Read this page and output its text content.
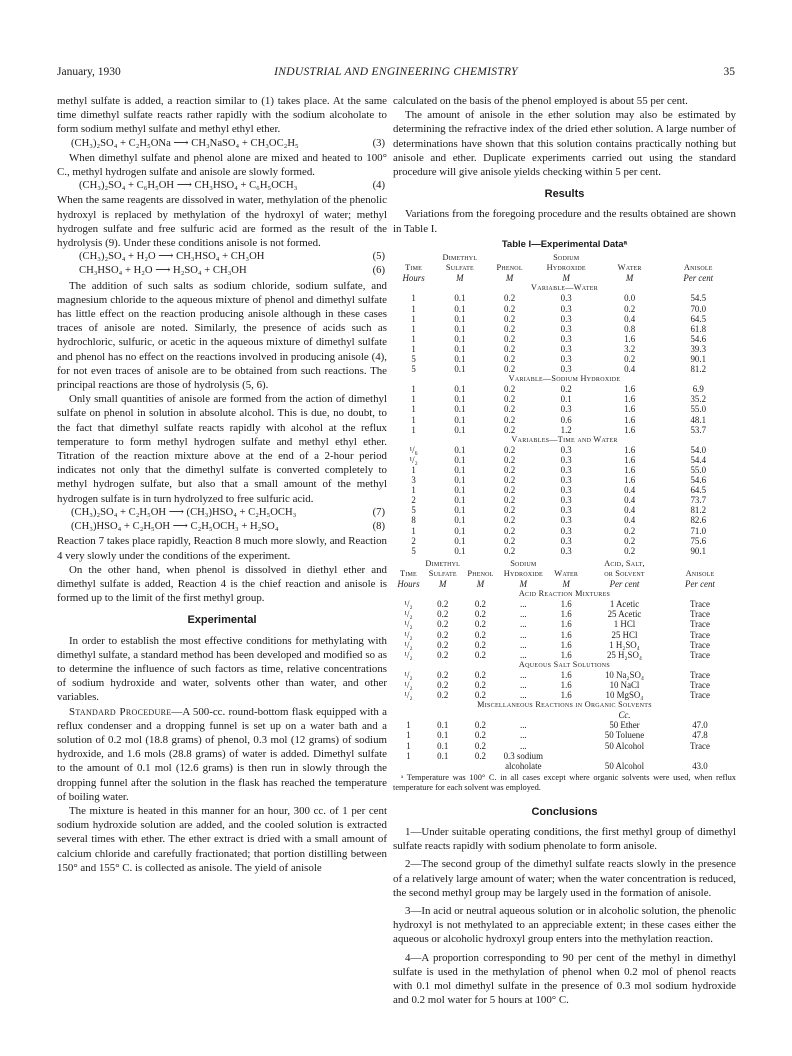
January, 1930	INDUSTRIAL AND ENGINEERING CHEMISTRY	35

methyl sulfate is added, a reaction similar to (1) takes place. At the same time dimethyl sulfate reacts rather rapidly with the sodium alcoholate to form sodium methyl sulfate and methyl ethyl ether.

(CH₃)₂SO₄ + C₂H₅ONa ⟶ CH₃NaSO₄ + CH₃OC₂H₅	(3)

When dimethyl sulfate and phenol alone are mixed and heated to 100° C., methyl hydrogen sulfate and anisole are slowly formed.

(CH₃)₂SO₄ + C₆H₅OH ⟶ CH₃HSO₄ + C₆H₅OCH₃	(4)

When the same reagents are dissolved in water, methylation of the phenolic hydroxyl is replaced by methylation of the hydroxyl of water; methyl hydrogen sulfate and free sulfuric acid are formed as the result of the hydrolysis (9). Under these conditions anisole is not formed.

(CH₃)₂SO₄ + H₂O ⟶ CH₃HSO₄ + CH₃OH	(5)
CH₃HSO₄ + H₂O ⟶ H₂SO₄ + CH₃OH	(6)

The addition of such salts as sodium chloride, sodium sulfate, and magnesium chloride to the aqueous mixture of phenol and dimethyl sulfate has little effect on the reaction producing anisole although in these cases traces of anisole are noted. Similarly, the presence of acids such as hydrochloric, sulfuric, or acetic in the aqueous mixture of dimethyl sulfate and phenol has no effect on the reactions involved in producing anisole (4), for not even traces of anisole are to be obtained from such reactions. The principal reactions are those of hydrolysis (5, 6).

Only small quantities of anisole are formed from the action of dimethyl sulfate on phenol in solution in absolute alcohol. This is due, no doubt, to the fact that dimethyl sulfate reacts rapidly with alcohol at the reflux temperature to form methyl hydrogen sulfate and methyl ethyl ether. Titration of the reaction mixture above at the end of a 2-hour period indicates not only that the dimethyl sulfate is converted completely to methyl hydrogen sulfate, but also that a small amount of the methyl hydrogen sulfate is in turn hydrolyzed to free sulfuric acid.

(CH₃)₂SO₄ + C₂H₅OH ⟶ (CH₃)HSO₄ + C₂H₅OCH₃	(7)
(CH₃)HSO₄ + C₂H₅OH ⟶ C₂H₅OCH₃ + H₂SO₄	(8)

Reaction 7 takes place rapidly, Reaction 8 much more slowly, and Reaction 4 very slowly under the conditions of the experiment.

On the other hand, when phenol is dissolved in diethyl ether and dimethyl sulfate is added, Reaction 4 is the chief reaction and anisole is formed up to the limit of the first methyl group.

Experimental

In order to establish the most effective conditions for methylating with dimethyl sulfate, a standard method has been developed and modified so as to determine the influence of such factors as time, relative concentrations of sodium hydroxide and water, solvents other than water, and other variables.

Standard Procedure—A 500-cc. round-bottom flask equipped with a reflux condenser and a dropping funnel is set up on a water bath and a solution of 0.2 mol (18.8 grams) of phenol, 0.3 mol (12 grams) of sodium hydroxide, and 1.6 mols (28.8 grams) of water is added. Dimethyl sulfate to the amount of 0.1 mol (12.6 grams) is then run in slowly through the dropping funnel after the solution in the flask has reached the temperature of boiling water.

The mixture is heated in this manner for an hour, 300 cc. of 1 per cent sodium hydroxide solution are added, and the cooled solution is extracted several times with ether. The ether extract is dried with a small amount of calcium chloride and carefully fractionated; that portion distilling between 150° and 155° C. is collected as anisole. The yield of anisole

calculated on the basis of the phenol employed is about 55 per cent.

The amount of anisole in the ether solution may also be estimated by determining the refractive index of the dried ether solution. A large number of determinations have shown that this solution contains practically nothing but anisole and ether. Duplicate experiments carried out using the standard procedure will give anisole yields checking within 5 per cent.

Results

Variations from the foregoing procedure and the results obtained are shown in Table I.

Table I—Experimental Dataᵃ
	Dimethyl		Sodium		
Time	Sulfate	Phenol	Hydroxide	Water	Anisole
Hours	M	M	M	M	Per cent
Variable—Water					
1	0.1	0.2	0.3	0.0	54.5
1	0.1	0.2	0.3	0.2	70.0
1	0.1	0.2	0.3	0.4	64.5
1	0.1	0.2	0.3	0.8	61.8
1	0.1	0.2	0.3	1.6	54.6
1	0.1	0.2	0.3	3.2	39.3
5	0.1	0.2	0.3	0.2	90.1
5	0.1	0.2	0.3	0.4	81.2
Variable—Sodium Hydroxide					
1	0.1	0.2	0.2	1.6	6.9
1	0.1	0.2	0.1	1.6	35.2
1	0.1	0.2	0.3	1.6	55.0
1	0.1	0.2	0.6	1.6	48.1
1	0.1	0.2	1.2	1.6	53.7
Variables—Time and Water					
¹/₆	0.1	0.2	0.3	1.6	54.0
¹/₂	0.1	0.2	0.3	1.6	54.4
1	0.1	0.2	0.3	1.6	55.0
3	0.1	0.2	0.3	1.6	54.6
1	0.1	0.2	0.3	0.4	64.5
2	0.1	0.2	0.3	0.4	73.7
5	0.1	0.2	0.3	0.4	81.2
8	0.1	0.2	0.3	0.4	82.6
1	0.1	0.2	0.3	0.2	71.0
2	0.1	0.2	0.3	0.2	75.6
5	0.1	0.2	0.3	0.2	90.1
	Dimethyl		Sodium		Acid, Salt,	
Time	Sulfate	Phenol	Hydroxide	Water	or Solvent	Anisole
Hours	M	M	M	M	Per cent	Per cent
Acid Reaction Mixtures						
¹/₂	0.2	0.2	...	1.6	1 Acetic	Trace
¹/₂	0.2	0.2	...	1.6	25 Acetic	Trace
¹/₂	0.2	0.2	...	1.6	1 HCl	Trace
¹/₂	0.2	0.2	...	1.6	25 HCl	Trace
¹/₂	0.2	0.2	...	1.6	1 H₂SO₄	Trace
¹/₂	0.2	0.2	...	1.6	25 H₂SO₄	Trace
Aqueous Salt Solutions						
¹/₂	0.2	0.2	...	1.6	10 Na₂SO₄	Trace
¹/₂	0.2	0.2	...	1.6	10 NaCl	Trace
¹/₂	0.2	0.2	...	1.6	10 MgSO₄	Trace
Miscellaneous Reactions in Organic Solvents						
					Cc.	
1	0.1	0.2	...		50 Ether	47.0
1	0.1	0.2	...		50 Toluene	47.8
1	0.1	0.2	...		50 Alcohol	Trace
1	0.1	0.2	0.3 sodium			
			alcoholate		50 Alcohol	43.0
ᵃ Temperature was 100° C. in all cases except where organic solvents were used, when reflux temperature for each solvent was employed.
Conclusions

1—Under suitable operating conditions, the first methyl group of dimethyl sulfate reacts rapidly with sodium phenolate to form anisole.

2—The second group of the dimethyl sulfate reacts slowly in the presence of a relatively large amount of water; when the water concentration is reduced, the second methyl group may be largely used in the formation of anisole.

3—In acid or neutral aqueous solution or in alcoholic solution, the phenolic hydroxyl is not methylated to an appreciable extent; in these cases either the aqueous or alcoholic hydroxyl group enters into the methylation reaction.

4—A proportion corresponding to 90 per cent of the methyl in dimethyl sulfate is used in the methylation of phenol when 0.2 mol of phenol reacts with 0.1 mol dimethyl sulfate in the presence of 0.3 mol sodium hydroxide and 0.2 mol water for 5 hours at 100° C.
